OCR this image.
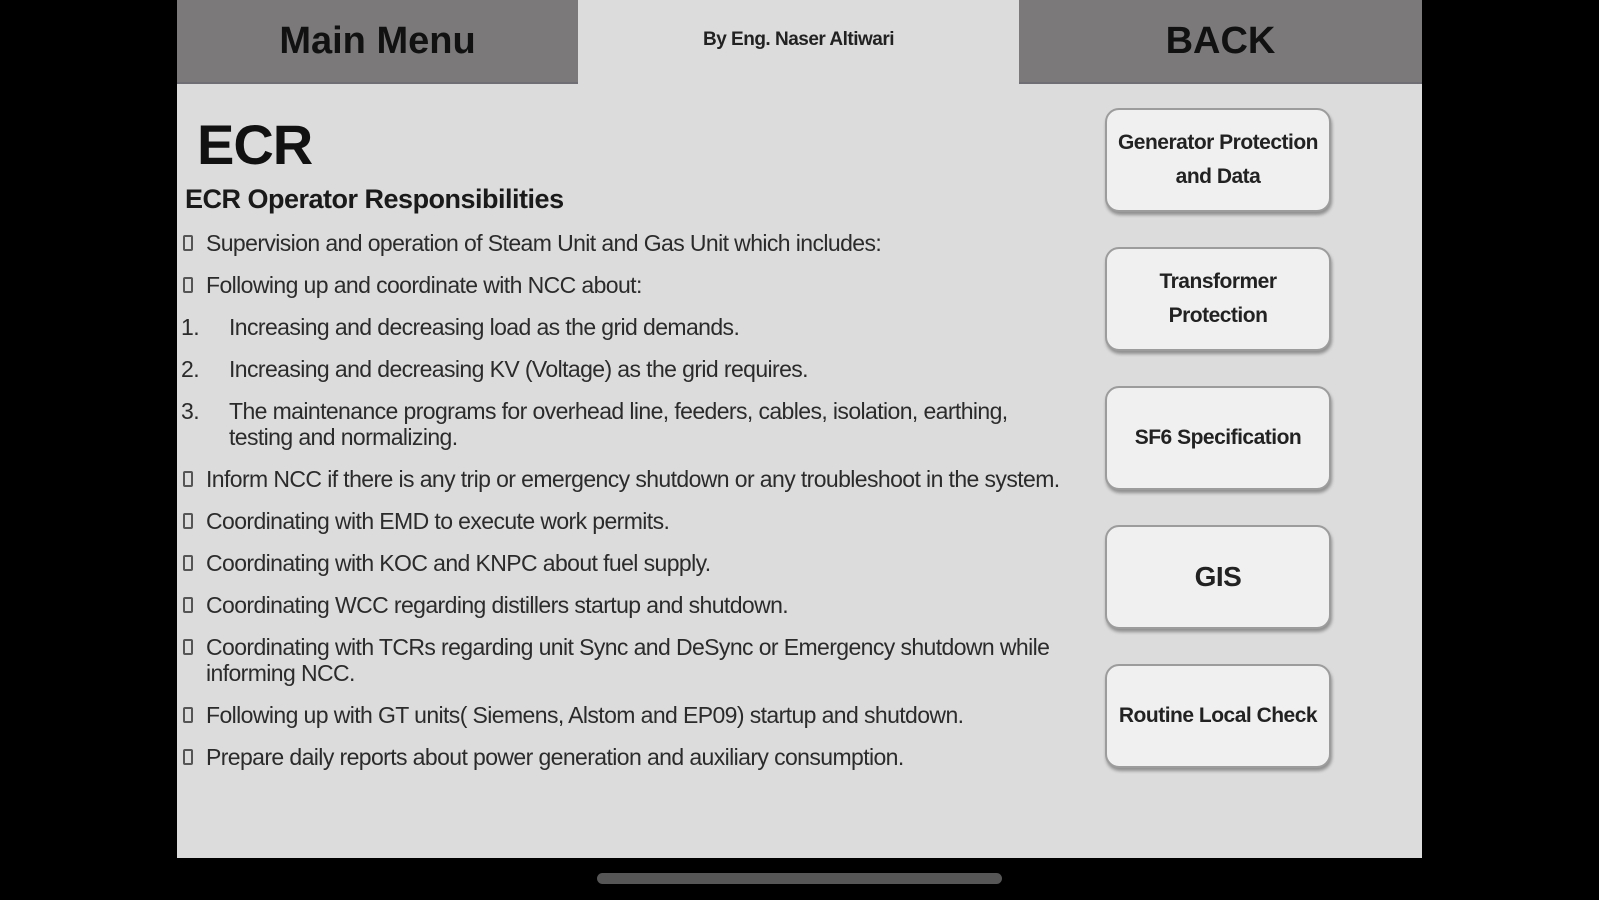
Main Menu	By Eng. Naser Altiwari	BACK
ECR
ECR Operator Responsibilities
Supervision and operation of Steam Unit and Gas Unit which includes:
Following up and coordinate with NCC about:
1.	Increasing and decreasing load as the grid demands.
2.	Increasing and decreasing KV (Voltage) as the grid requires.
3.	The maintenance programs for overhead line, feeders, cables, isolation, earthing, testing and normalizing.
Inform NCC if there is any trip or emergency shutdown or any troubleshoot in the system.
Coordinating with EMD to execute work permits.
Coordinating with KOC and KNPC about fuel supply.
Coordinating WCC regarding distillers startup and shutdown.
Coordinating with TCRs regarding unit Sync and DeSync or Emergency shutdown while informing NCC.
Following up with GT units( Siemens, Alstom and EP09) startup and shutdown.
Prepare daily reports about power generation and auxiliary consumption.
Generator Protection and Data
Transformer Protection
SF6 Specification
GIS
Routine Local Check
